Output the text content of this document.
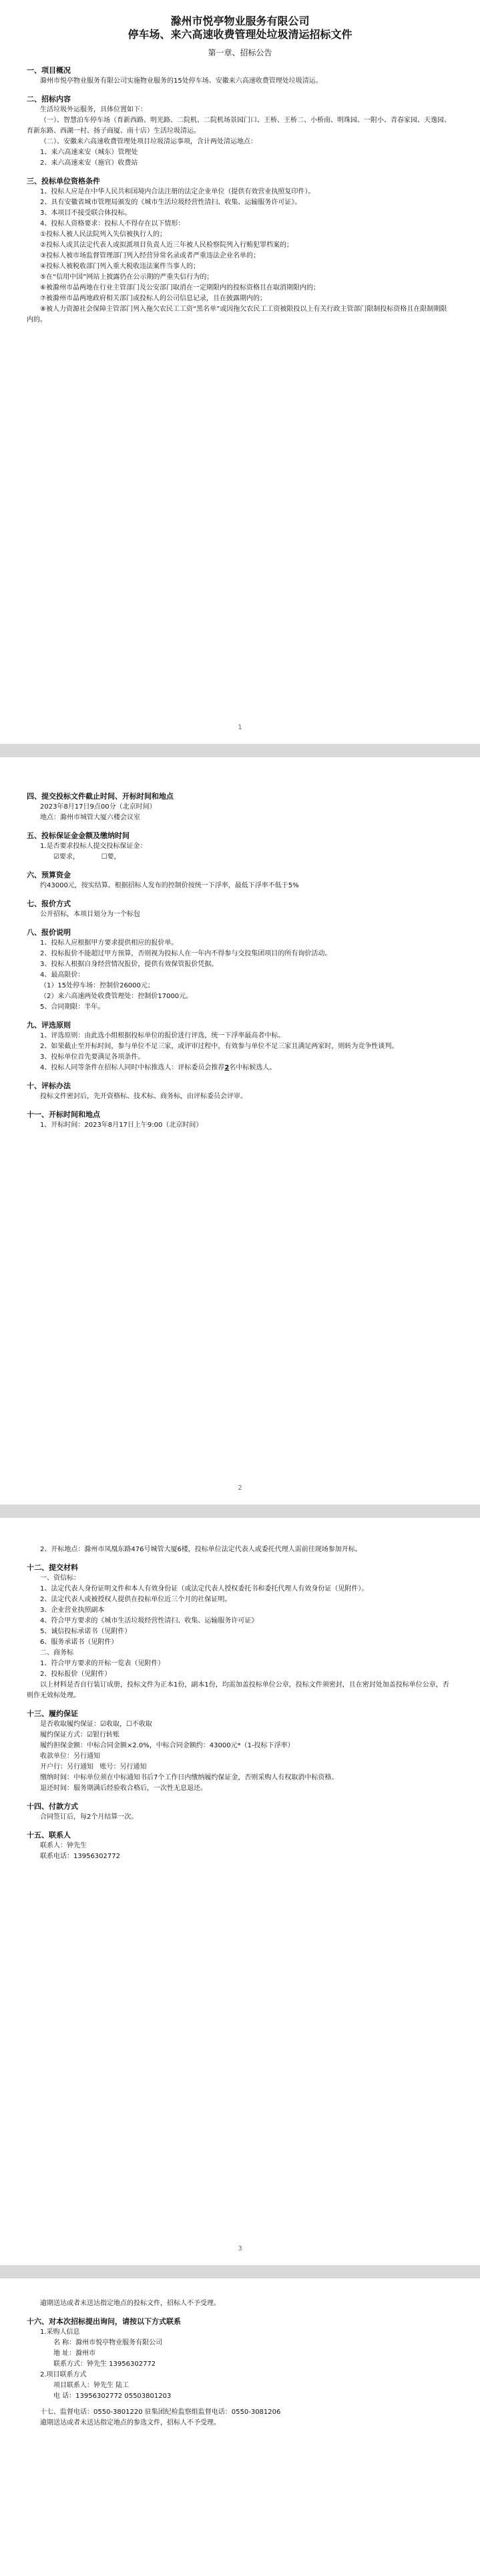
滁州市悦亭物业服务有限公司
停车场、来六高速收费管理处垃圾清运招标文件
第一章、招标公告
一、项目概况
滁州市悦亭物业服务有限公司实施物业服务的15处停车场、安徽来六高速收费管理处垃圾清运。
二、招标内容
生活垃圾外运服务，具体位置如下：
（一）、智慧泊车停车场（育新西路、明光路、二院机、二院机场景园门口、王桥、王桥二、小桥南、明珠园、一附小、青春家园、天逸园、育新东路、西湖一村、扬子商厦、南十店）生活垃圾清运。
（二）、安徽来六高速收费管理处项目垃圾清运事项，含计两处清运地点：
1、来六高速来安（城东）管理处
2、来六高速来安（施官）收费站
三、投标单位资格条件
1、投标人应是在中华人民共和国境内合法注册的法定企业单位（提供有效营业执照复印件）。
2、具有安徽省城市管理局颁发的《城市生活垃圾经营性清扫、收集、运输服务许可证》。
3、本项目不接受联合体投标。
4、投标人资格要求：投标人不得存在以下情形：
①投标人被人民法院列入失信被执行人的；
②投标人或其法定代表人或拟派项目负责人近三年被人民检察院列入行贿犯罪档案的；
③投标人被市场监督管理部门列入经营异常名录或者严重违法企业名单的；
④投标人被税收部门列入重大税收违法案件当事人的；
⑤在“信用中国”网站上披露仍在公示期的严重失信行为的；
⑥被滁州市晶两地在行业主管部门及公安部门取消在一定期限内的投标资格且在取消期限内的；
⑦被滁州市晶两地政府相关部门或投标人的公司信息记录，且在披露期内的；
⑧被人力资源社会保障主管部门列入拖欠农民工工资“黑名单”或因拖欠农民工工资被限投以上有关行政主管部门限制投标资格且在限制期限内的。
1
四、提交投标文件截止时间、开标时间和地点
2023年8月17日9点00分（北京时间）
地点：滁州市城管大厦六楼会议室
五、投标保证金金额及缴纳时间
1.是否要求投标人提交投标保证金：
☑要求，	☐要，
六、预算资金
约43000元，按实结算。根据招标人发布的控制价按统一下浮率，最低下浮率不低于5%
七、报价方式
公开招标，本项目划分为一个标包
八、报价说明
1、投标人应根据甲方要求提供相应的报价单。
2、投标报价不能超过甲方预算，否则视为投标人在一年内不得参与交投集团项目的所有询价活动。
3、投标人根据自身经营情况报价，提供有效保管报价凭据。
4、最高限价：
（1）15处停车场：控制价26000元；
（2）来六高速两处收费管理处：控制价17000元。
5、合同期限：半年。
九、评选原则
1、评选原则：由此选小组根据投标单位的报价进行评选，统一下浮率最高者中标。
2、如果截止至开标时间，参与单位不足三家，或评审过程中，有效参与单位不足三家且满足两家时，则转为竞争性谈判。
3、投标单位首先要满足各项条件。
4、投标人同等条件在招标人同时中标推选人：评标委员会推荐2名中标候选人。
十、评标办法
投标文件密封后，先开资格标、技术标、商务标，由评标委员会评审。
十一、开标时间和地点
1、开标时间：2023年8月17日上午9:00（北京时间）
2
2、开标地点：滁州市凤凰东路476号城管大厦6楼，投标单位法定代表人或委托代理人需前往现场参加开标。
十二、提交材料
一、资信标：
1、法定代表人身份证明文件和本人有效身份证（或法定代表人授权委托书和委托代理人有效身份证（见附件）。
2、法定代表人或被授权人提供在投标单位近三个月的社保证明。
3、企业营业执照副本
4、符合甲方要求的《城市生活垃圾经营性清扫、收集、运输服务许可证》
5、诚信投标承诺书（见附件）
6、服务承诺书（见附件）
二、商务标
1、符合甲方要求的开标一览表（见附件）
2、投标报价（见附件）
以上材料是否自行装订成册，投标文件为正本1份，副本1份，均需加盖投标单位公章，投标文件须密封，且在密封处加盖投标单位公章，否则作无效标处理。
十三、履约保证
是否收取履约保证：☑收取，☐不收取
履约保证方式：☑银行转账
履约担保金额：中标合同金额×2.0%，中标合同金额约：43000元*（1-投标下浮率）
收款单位：另行通知
开户行：另行通知 账号：另行通知
缴纳时间：中标单位须在中标通知书后7个工作日内缴纳履约保证金，否则采购人有权取消中标资格。
退还时间：服务期满后经验收合格后，一次性无息退还。
十四、付款方式
合同签订后，每2个月结算一次。
十五、联系人
联系人：钟先生
联系电话：13956302772
3
逾期送达或者未送达指定地点的投标文件，招标人不予受理。
十六、对本次招标提出询问，请按以下方式联系
1.采购人信息
名 称：滁州市悦亭物业服务有限公司
地 址：滁州市
联系方式：钟先生 13956302772
2.项目联系方式
项目联系人：钟先生 陆工
电 话：13956302772 05503801203
十七、监督电话：0550-3801220 驻集团纪检监察组监督电话：0550-3081206
逾期送达或者未送达指定地点的参选文件，招标人不予受理。
